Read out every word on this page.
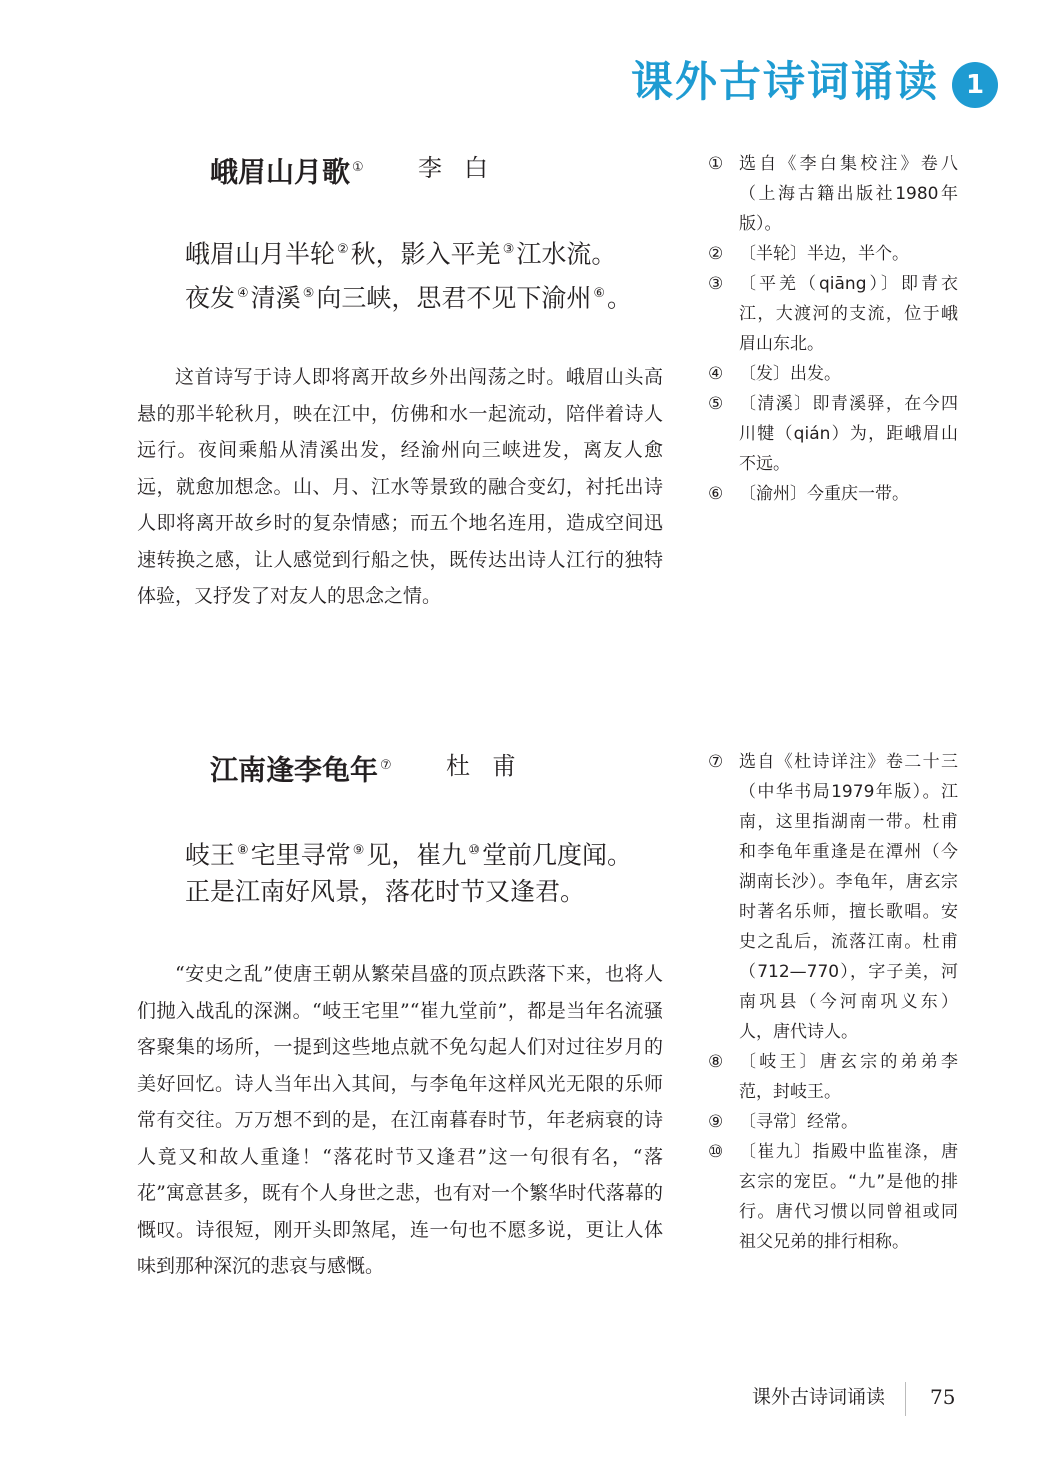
课外古诗词诵读	1
峨眉山月歌 ① 李白
峨眉山月半轮 ②秋，影入平羌 ③江水流。
夜发 ④清溪 ⑤向三峡，思君不见下渝州 ⑥。
这首诗写于诗人即将离开故乡外出闯荡之时。峨眉山头高悬的那半轮秋月，映在江中，仿佛和水一起流动，陪伴着诗人远行。夜间乘船从清溪出发，经渝州向三峡进发，离友人愈远，就愈加想念。山、月、江水等景致的融合变幻，衬托出诗人即将离开故乡时的复杂情感；而五个地名连用，造成空间迅速转换之感，让人感觉到行船之快，既传达出诗人江行的独特体验，又抒发了对友人的思念之情。
① 选自《李白集校注》卷八（上海古籍出版社1980年版）。
② 〔半轮〕半边，半个。
③ 〔平羌（qiāng）〕即青衣江，大渡河的支流，位于峨眉山东北。
④ 〔发〕出发。
⑤ 〔清溪〕即青溪驿，在今四川犍（qián）为，距峨眉山不远。
⑥ 〔渝州〕今重庆一带。
江南逢李龟年 ⑦ 杜甫
岐王 ⑧宅里寻常 ⑨见，崔九 ⑩堂前几度闻。
正是江南好风景，落花时节又逢君。
“安史之乱”使唐王朝从繁荣昌盛的顶点跌落下来，也将人们抛入战乱的深渊。“岐王宅里”“崔九堂前”，都是当年名流骚客聚集的场所，一提到这些地点就不免勾起人们对过往岁月的美好回忆。诗人当年出入其间，与李龟年这样风光无限的乐师常有交往。万万想不到的是，在江南暮春时节，年老病衰的诗人竟又和故人重逢！“落花时节又逢君”这一句很有名，“落花”寓意甚多，既有个人身世之悲，也有对一个繁华时代落幕的慨叹。诗很短，刚开头即煞尾，连一句也不愿多说，更让人体味到那种深沉的悲哀与感慨。
⑦ 选自《杜诗详注》卷二十三（中华书局1979年版）。江南，这里指湖南一带。杜甫和李龟年重逢是在潭州（今湖南长沙）。李龟年，唐玄宗时著名乐师，擅长歌唱。安史之乱后，流落江南。杜甫（712—770），字子美，河南巩县（今河南巩义东）人，唐代诗人。
⑧ 〔岐王〕唐玄宗的弟弟李范，封岐王。
⑨ 〔寻常〕经常。
⑩ 〔崔九〕指殿中监崔涤，唐玄宗的宠臣。“九”是他的排行。唐代习惯以同曾祖或同祖父兄弟的排行相称。
课外古诗词诵读 75
